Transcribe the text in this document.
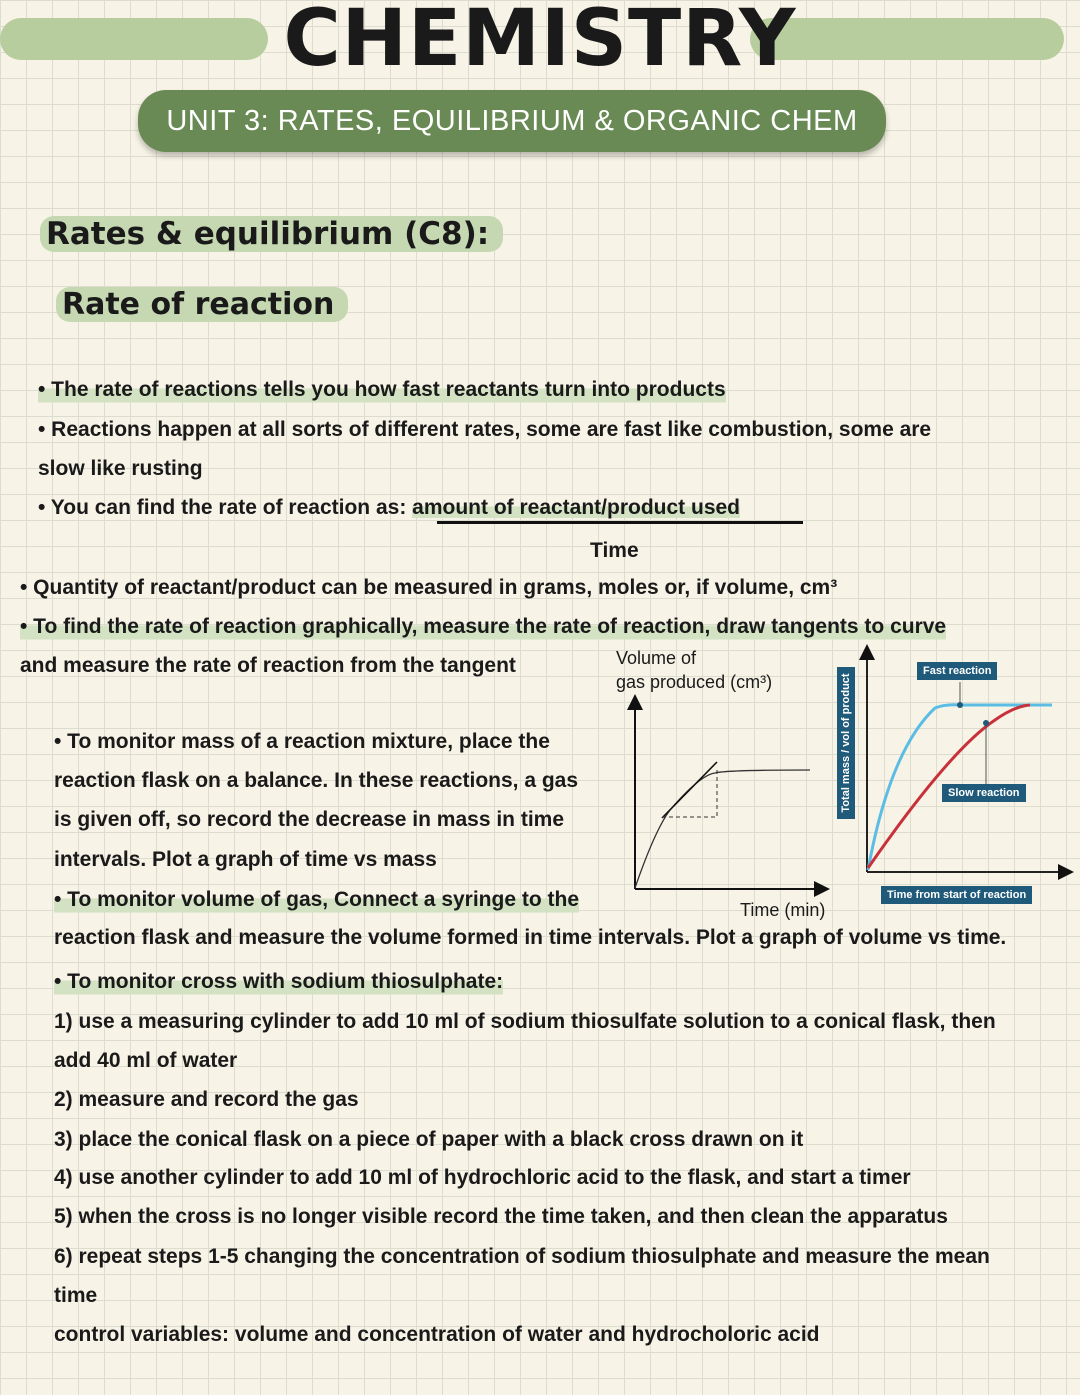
CHEMISTRY
UNIT 3: RATES, EQUILIBRIUM & ORGANIC CHEM
Rates & equilibrium (C8):
Rate of reaction
• The rate of reactions tells you how fast reactants turn into products
• Reactions happen at all sorts of different rates, some are fast like combustion, some are
slow like rusting
• You can find the rate of reaction as: amount of reactant/product used
Time
• Quantity of reactant/product can be measured in grams, moles or, if volume, cm³
• To find the rate of reaction graphically, measure the rate of reaction, draw tangents to curve
and measure the rate of reaction from the tangent
• To monitor mass of a reaction mixture, place the
reaction flask on a balance. In these reactions, a gas
is given off, so record the decrease in mass in time
intervals. Plot a graph of time vs mass
• To monitor volume of gas, Connect a syringe to the
reaction flask and measure the volume formed in time intervals. Plot a graph of volume vs time.
• To monitor cross with sodium thiosulphate:
1) use a measuring cylinder to add 10 ml of sodium thiosulfate solution to a conical flask, then
add 40 ml of water
2) measure and record the gas
3) place the conical flask on a piece of paper with a black cross drawn on it
4) use another cylinder to add 10 ml of hydrochloric acid to the flask, and start a timer
5) when the cross is no longer visible record the time taken, and then clean the apparatus
6) repeat steps 1-5 changing the concentration of sodium thiosulphate and measure the mean
time
control variables: volume and concentration of water and hydrocholoric acid
Volume of
gas produced (cm³)
Time (min)
Fast reaction
Slow reaction
Time from start of reaction
Total mass / vol of product
